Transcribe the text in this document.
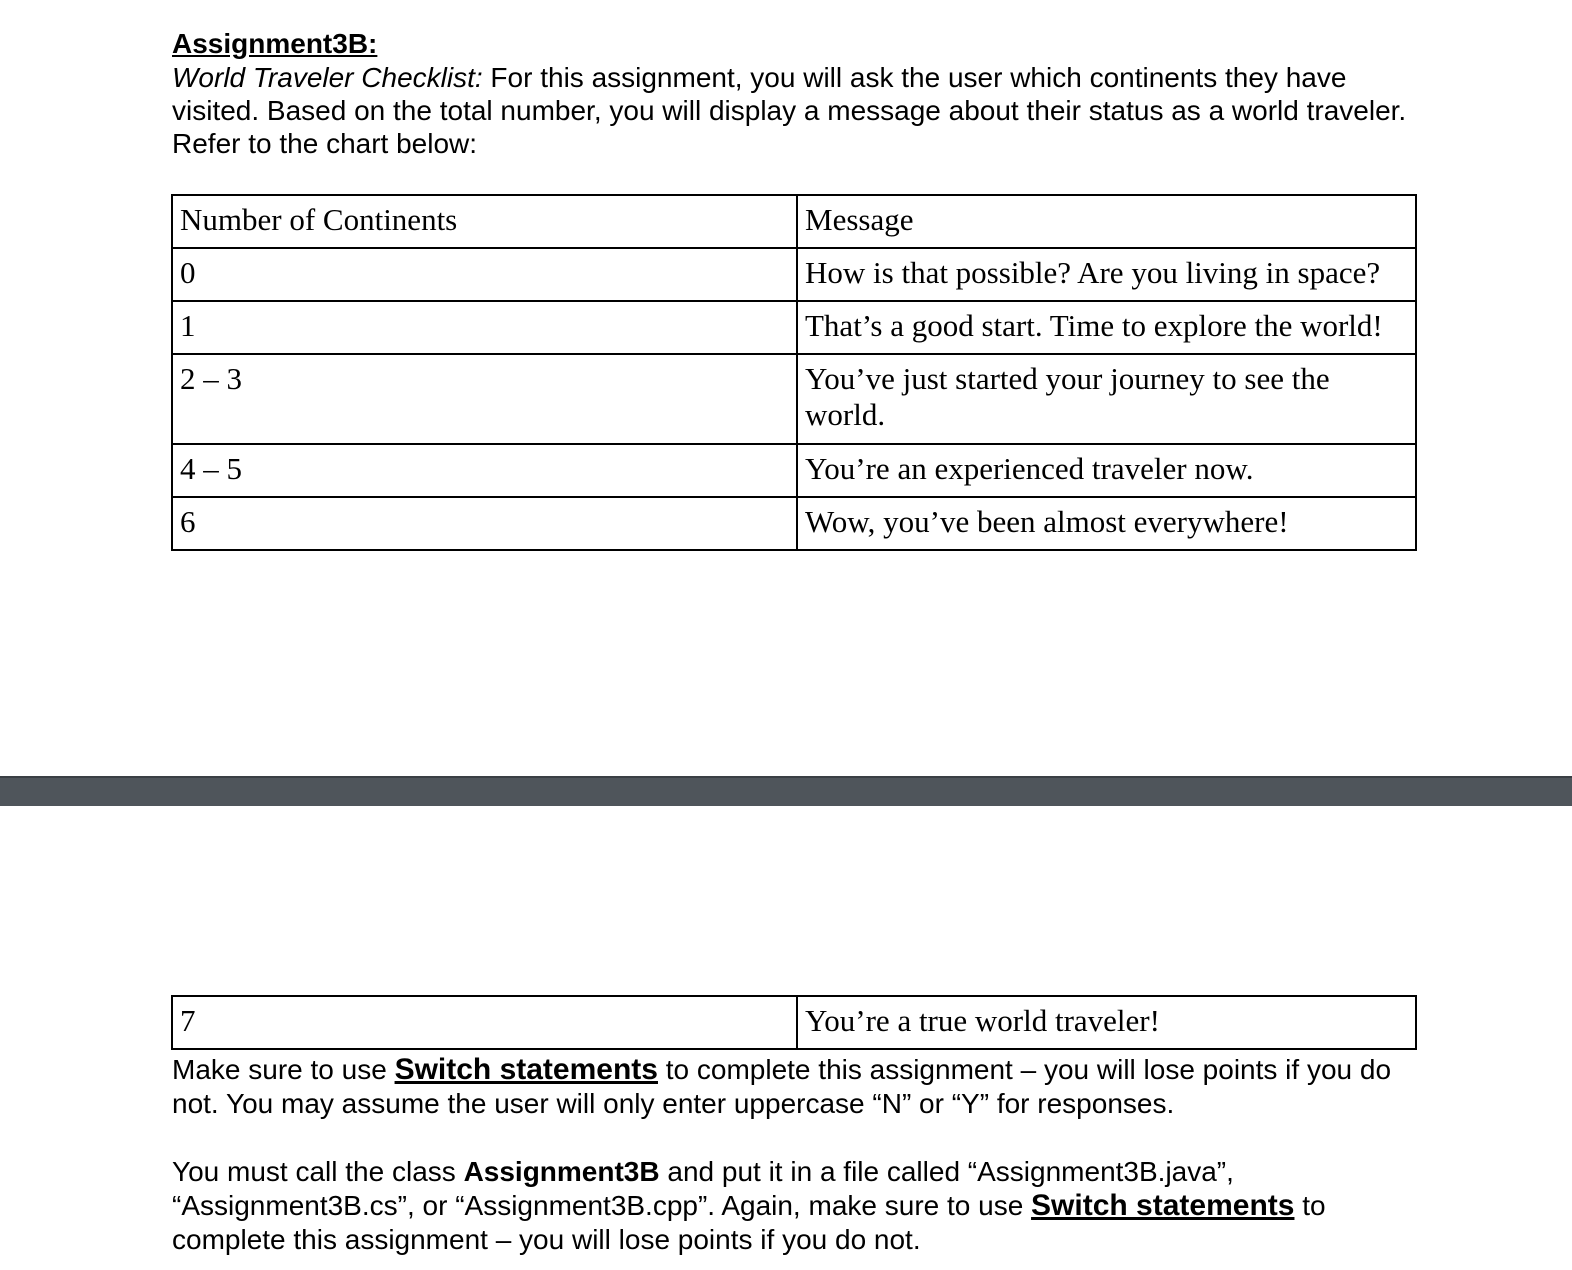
Assignment3B:
World Traveler Checklist: For this assignment, you will ask the user which continents they have visited. Based on the total number, you will display a message about their status as a world traveler. Refer to the chart below:
Number of Continents	Message
0	How is that possible? Are you living in space?
1	That’s a good start. Time to explore the world!
2 – 3	You’ve just started your journey to see the world.
4 – 5	You’re an experienced traveler now.
6	Wow, you’ve been almost everywhere!
7	You’re a true world traveler!
Make sure to use Switch statements to complete this assignment – you will lose points if you do not. You may assume the user will only enter uppercase “N” or “Y” for responses.
You must call the class Assignment3B and put it in a file called “Assignment3B.java”, “Assignment3B.cs”, or “Assignment3B.cpp”. Again, make sure to use Switch statements to complete this assignment – you will lose points if you do not.
